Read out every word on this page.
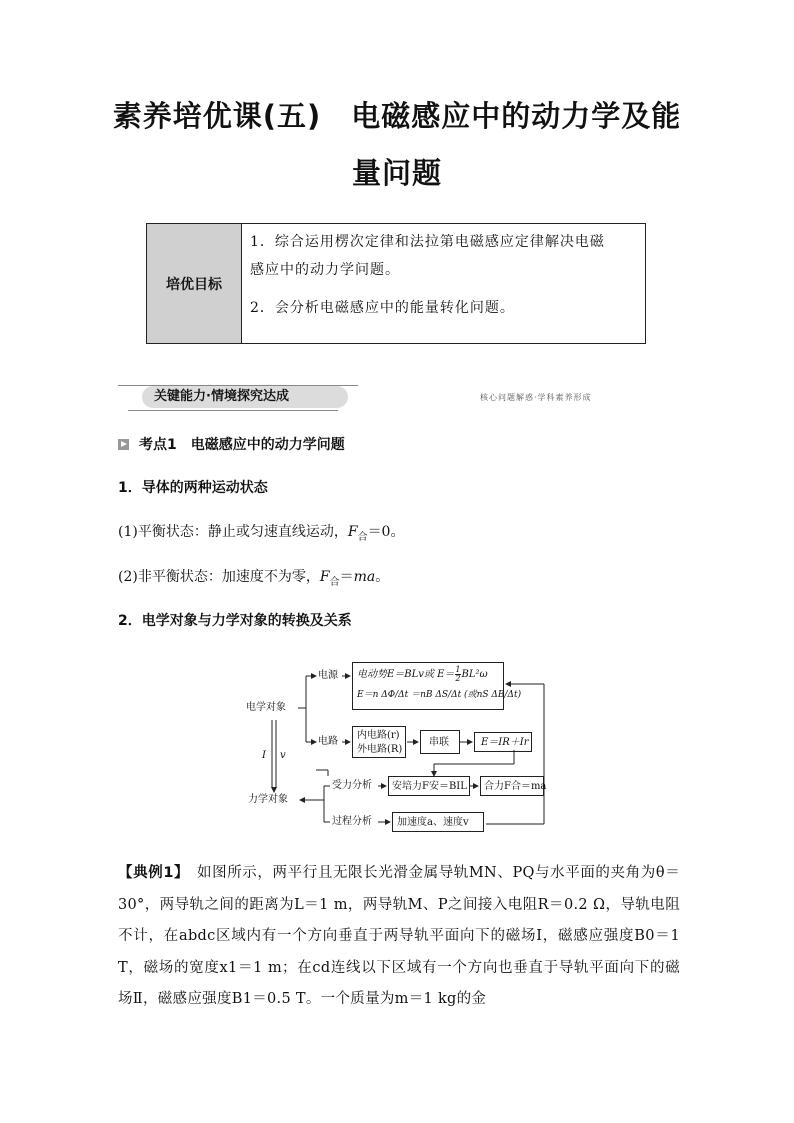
素养培优课(五)　电磁感应中的动力学及能
量问题
培优目标

1．综合运用楞次定律和法拉第电磁感应定律解决电磁
感应中的动力学问题。

2．会分析电磁感应中的能量转化问题。

关键能力·情境探究达成	核心问题解惑·学科素养形成
考点1　电磁感应中的动力学问题
1．导体的两种运动状态
(1)平衡状态：静止或匀速直线运动，$F_合=0$。
(2)非平衡状态：加速度不为零，$F_合=ma$。
2．电学对象与力学对象的转换及关系
电学对象
电源
电路
电动势E＝BLv或 $E= \frac{1}{2} BL^2\omega$
E＝n ΔΦ/Δt ＝nB ΔS/Δt (或nS ΔB/Δt)
内电路(r)
外电路(R)
串联	E＝IR＋Ir
I v
力学对象
受力分析
过程分析
安培力F安＝BIL 合力F合＝ma
加速度a、速度v
【典例1】　如图所示，两平行且无限长光滑金属导轨MN、PQ与水平面的夹角为θ＝30°，两导轨之间的距离为L＝1 m，两导轨M、P之间接入电阻R＝0.2 Ω，导轨电阻不计，在abdc区域内有一个方向垂直于两导轨平面向下的磁场Ⅰ，磁感应强度B0＝1 T，磁场的宽度x1＝1 m；在cd连线以下区域有一个方向也垂直于导轨平面向下的磁场Ⅱ，磁感应强度B1＝0.5 T。一个质量为m＝1 kg的金
